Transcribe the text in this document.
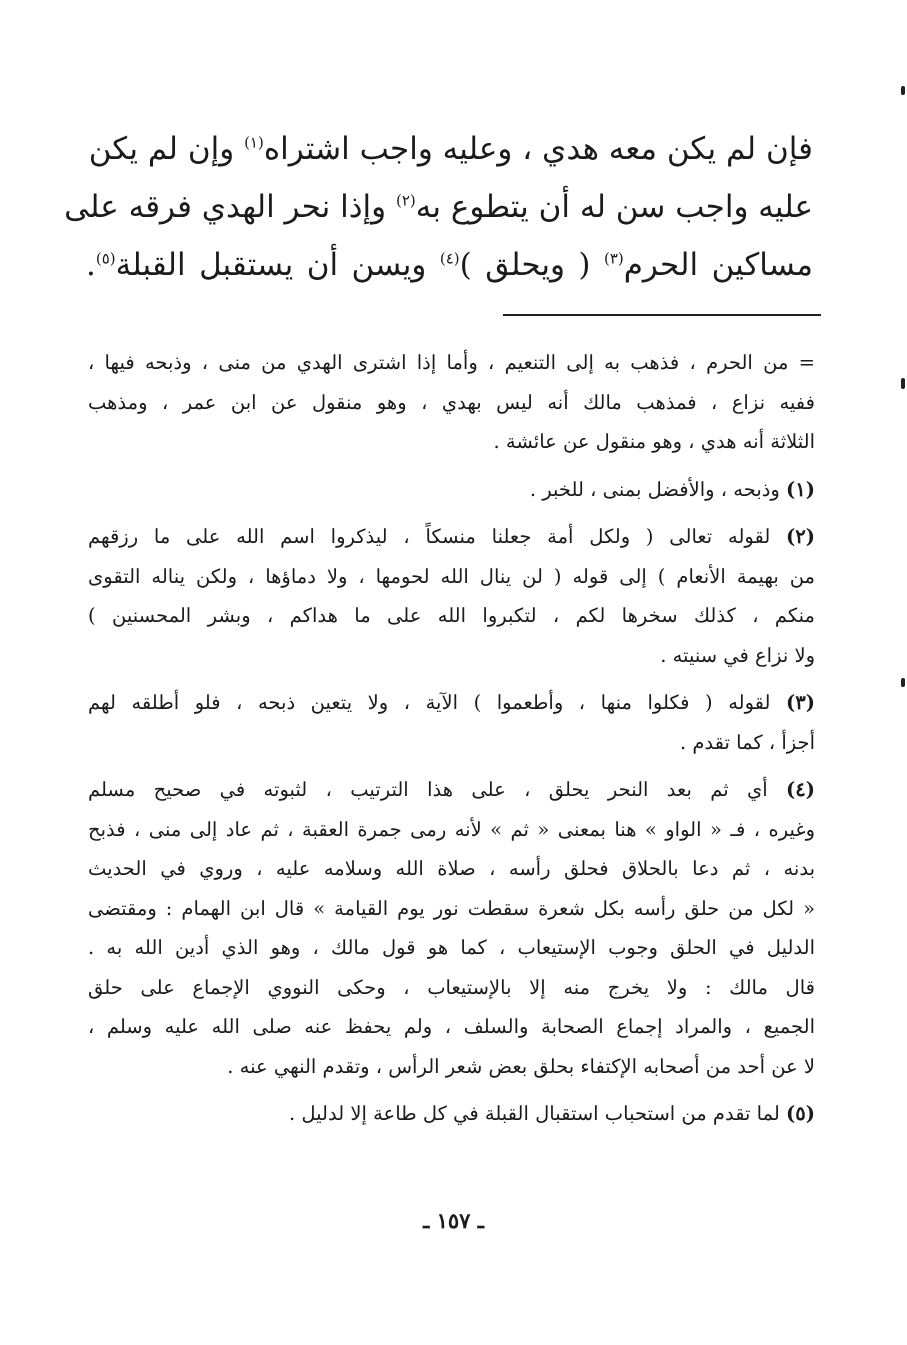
فإن لم يكن معه هدي ، وعليه واجب اشتراه$^{(١)}$ وإن لم يكن
عليه واجب سن له أن يتطوع به$^{(٢)}$ وإذا نحر الهدي فرقه على
مساكين الحرم$^{(٣)}$ ( ويحلق )$^{(٤)}$ ويسن أن يستقبل القبلة$^{(٥)}$.
= من الحرم ، فذهب به إلى التنعيم ، وأما إذا اشترى الهدي من منى ، وذبحه فيها ،
ففيه نزاع ، فمذهب مالك أنه ليس بهدي ، وهو منقول عن ابن عمر ، ومذهب
الثلاثة أنه هدي ، وهو منقول عن عائشة .
(١) وذبحه ، والأفضل بمنى ، للخبر .
(٢) لقوله تعالى ( ولكل أمة جعلنا منسكاً ، ليذكروا اسم الله على ما رزقهم
من بهيمة الأنعام ) إلى قوله ( لن ينال الله لحومها ، ولا دماؤها ، ولكن يناله التقوى
منكم ، كذلك سخرها لكم ، لتكبروا الله على ما هداكم ، وبشر المحسنين )
ولا نزاع في سنيته .
(٣) لقوله ( فكلوا منها ، وأطعموا ) الآية ، ولا يتعين ذبحه ، فلو أطلقه لهم
أجزأ ، كما تقدم .
(٤) أي ثم بعد النحر يحلق ، على هذا الترتيب ، لثبوته في صحيح مسلم
وغيره ، فـ « الواو » هنا بمعنى « ثم » لأنه رمى جمرة العقبة ، ثم عاد إلى منى ، فذبح
بدنه ، ثم دعا بالحلاق فحلق رأسه ، صلاة الله وسلامه عليه ، وروي في الحديث
« لكل من حلق رأسه بكل شعرة سقطت نور يوم القيامة » قال ابن الهمام : ومقتضى
الدليل في الحلق وجوب الإستيعاب ، كما هو قول مالك ، وهو الذي أدين الله به .
قال مالك : ولا يخرج منه إلا بالإستيعاب ، وحكى النووي الإجماع على حلق
الجميع ، والمراد إجماع الصحابة والسلف ، ولم يحفظ عنه صلى الله عليه وسلم ،
لا عن أحد من أصحابه الإكتفاء بحلق بعض شعر الرأس ، وتقدم النهي عنه .
(٥) لما تقدم من استحباب استقبال القبلة في كل طاعة إلا لدليل .
ـ ١٥٧ ـ
